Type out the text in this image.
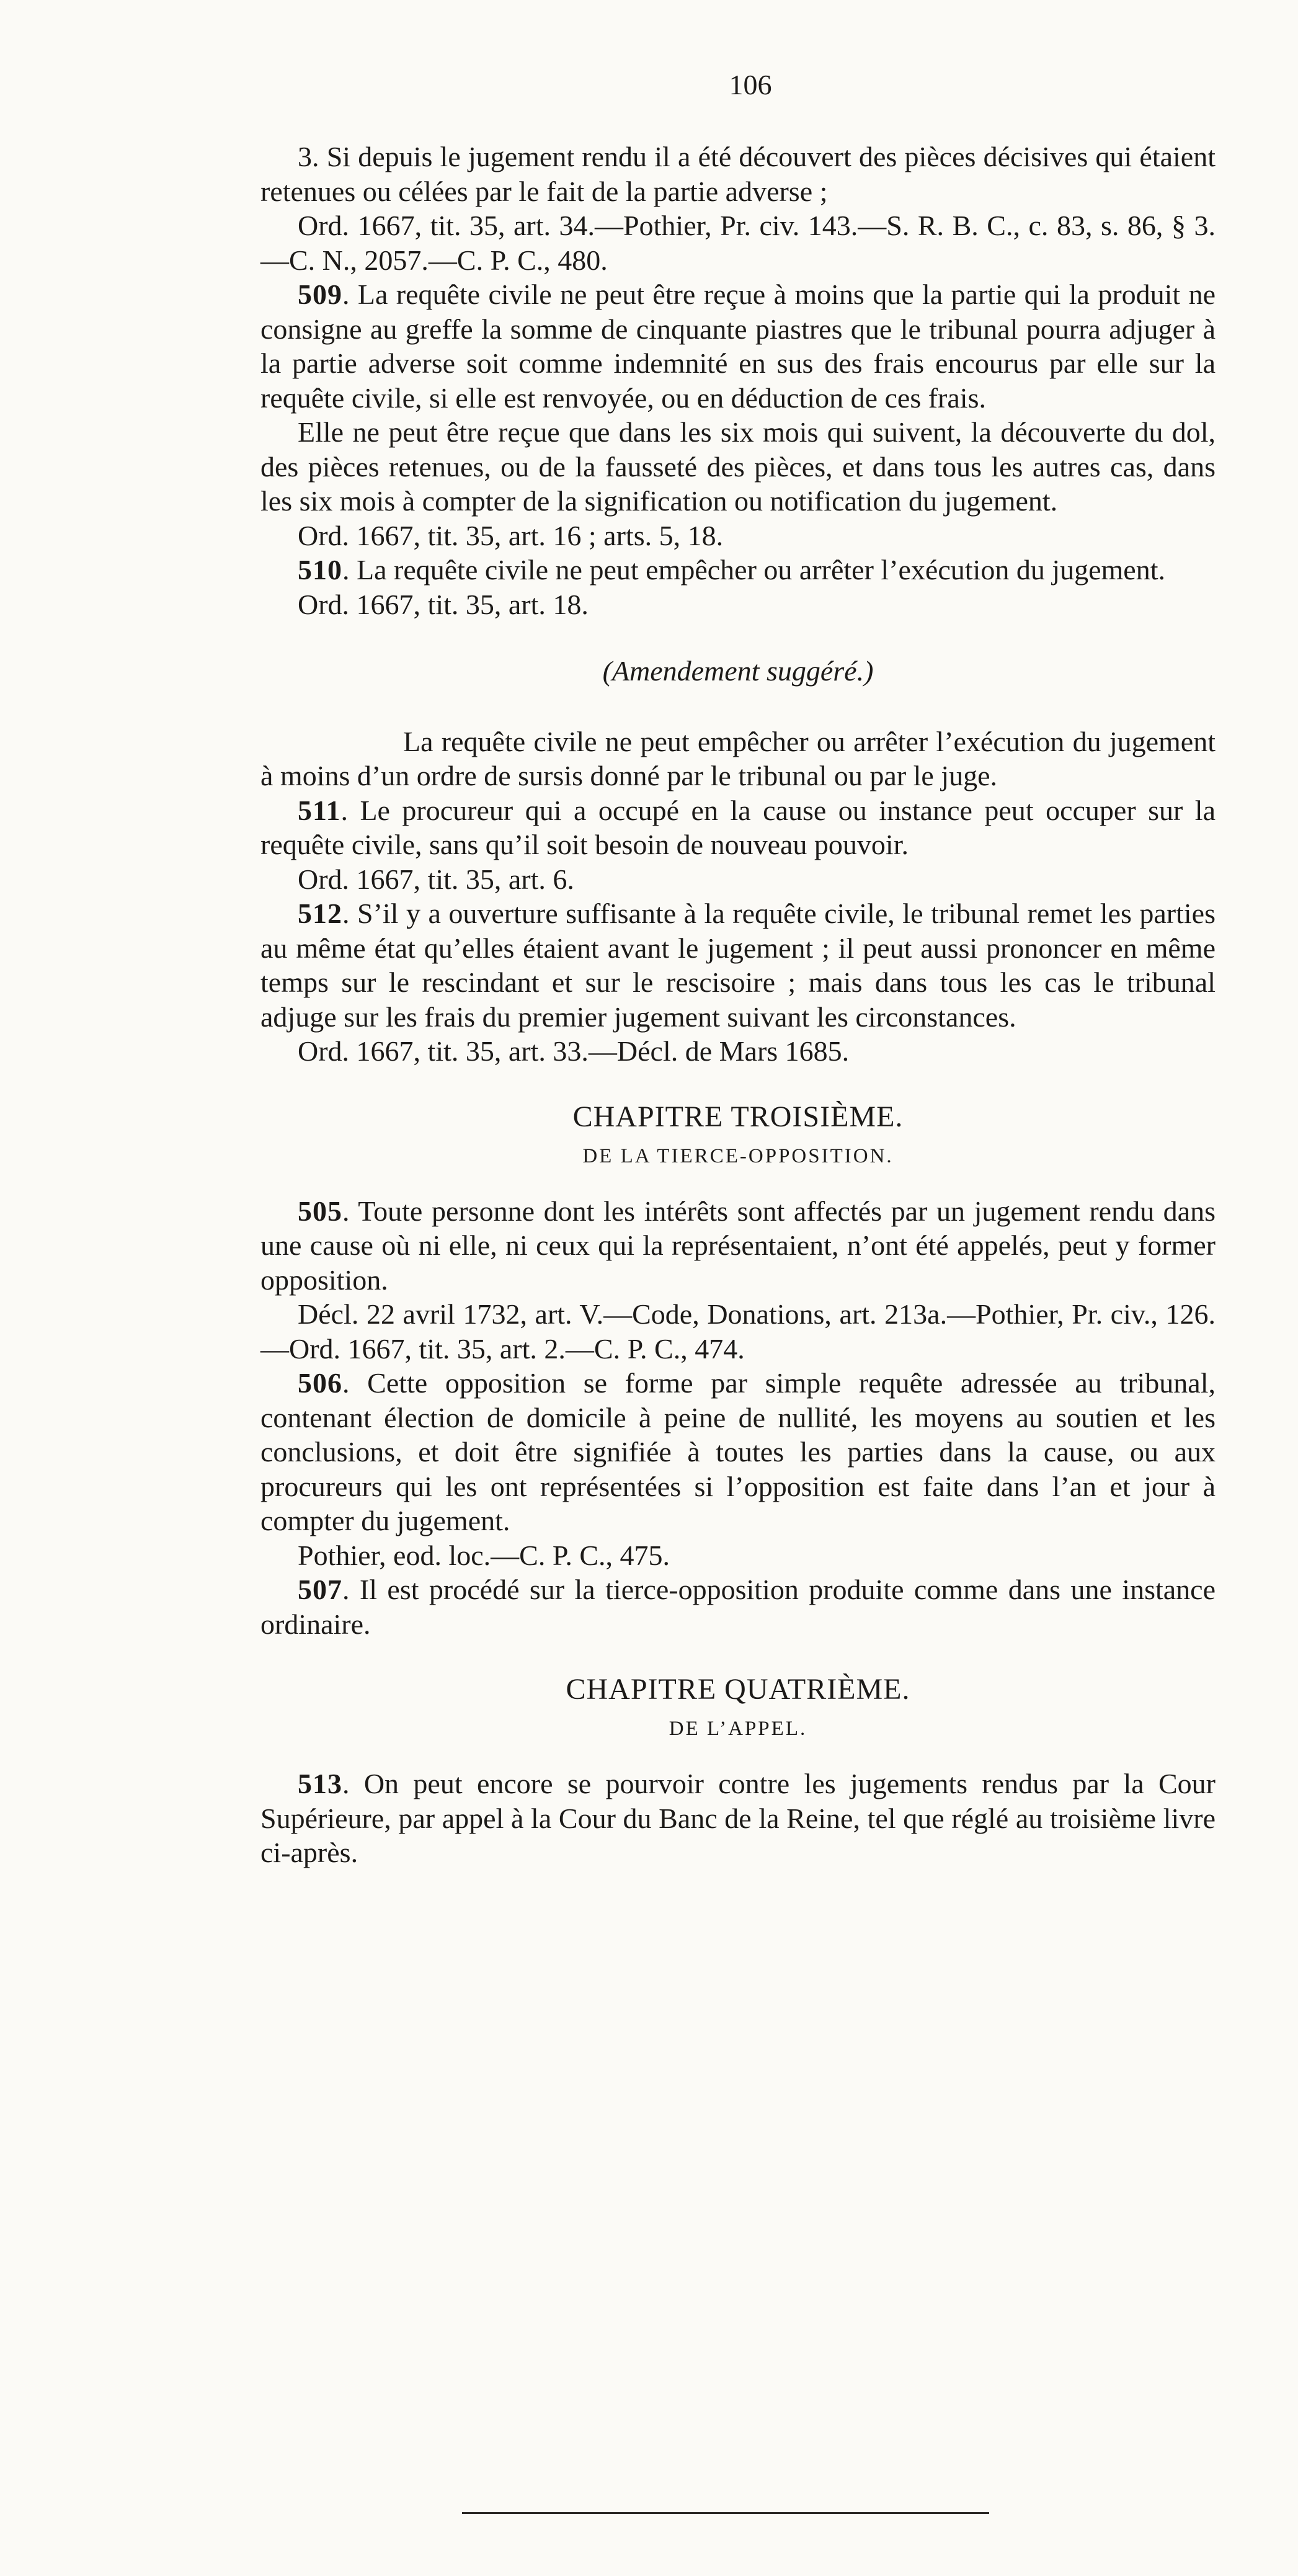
106

3. Si depuis le jugement rendu il a été découvert des pièces décisives qui étaient retenues ou célées par le fait de la partie adverse ;

Ord. 1667, tit. 35, art. 34.—Pothier, Pr. civ. 143.—S. R. B. C., c. 83, s. 86, § 3.—C. N., 2057.—C. P. C., 480.

509. La requête civile ne peut être reçue à moins que la partie qui la produit ne consigne au greffe la somme de cinquante piastres que le tribunal pourra adjuger à la partie adverse soit comme indemnité en sus des frais encourus par elle sur la requête civile, si elle est renvoyée, ou en déduction de ces frais.

Elle ne peut être reçue que dans les six mois qui suivent, la découverte du dol, des pièces retenues, ou de la fausseté des pièces, et dans tous les autres cas, dans les six mois à compter de la signification ou notification du jugement.

Ord. 1667, tit. 35, art. 16 ; arts. 5, 18.

510. La requête civile ne peut empêcher ou arrêter l’exécution du jugement.

Ord. 1667, tit. 35, art. 18.

(Amendement suggéré.)

La requête civile ne peut empêcher ou arrêter l’exécution du jugement à moins d’un ordre de sursis donné par le tribunal ou par le juge.

511. Le procureur qui a occupé en la cause ou instance peut occuper sur la requête civile, sans qu’il soit besoin de nouveau pouvoir.

Ord. 1667, tit. 35, art. 6.

512. S’il y a ouverture suffisante à la requête civile, le tribunal remet les parties au même état qu’elles étaient avant le jugement ; il peut aussi prononcer en même temps sur le rescindant et sur le rescisoire ; mais dans tous les cas le tribunal adjuge sur les frais du premier jugement suivant les circonstances.

Ord. 1667, tit. 35, art. 33.—Décl. de Mars 1685.

CHAPITRE TROISIÈME.
DE LA TIERCE-OPPOSITION.

505. Toute personne dont les intérêts sont affectés par un jugement rendu dans une cause où ni elle, ni ceux qui la représentaient, n’ont été appelés, peut y former opposition.

Décl. 22 avril 1732, art. V.—Code, Donations, art. 213a.—Pothier, Pr. civ., 126.—Ord. 1667, tit. 35, art. 2.—C. P. C., 474.

506. Cette opposition se forme par simple requête adressée au tribunal, contenant élection de domicile à peine de nullité, les moyens au soutien et les conclusions, et doit être signifiée à toutes les parties dans la cause, ou aux procureurs qui les ont représentées si l’opposition est faite dans l’an et jour à compter du jugement.

Pothier, eod. loc.—C. P. C., 475.

507. Il est procédé sur la tierce-opposition produite comme dans une instance ordinaire.

CHAPITRE QUATRIÈME.
DE L’APPEL.

513. On peut encore se pourvoir contre les jugements rendus par la Cour Supérieure, par appel à la Cour du Banc de la Reine, tel que réglé au troisième livre ci-après.
